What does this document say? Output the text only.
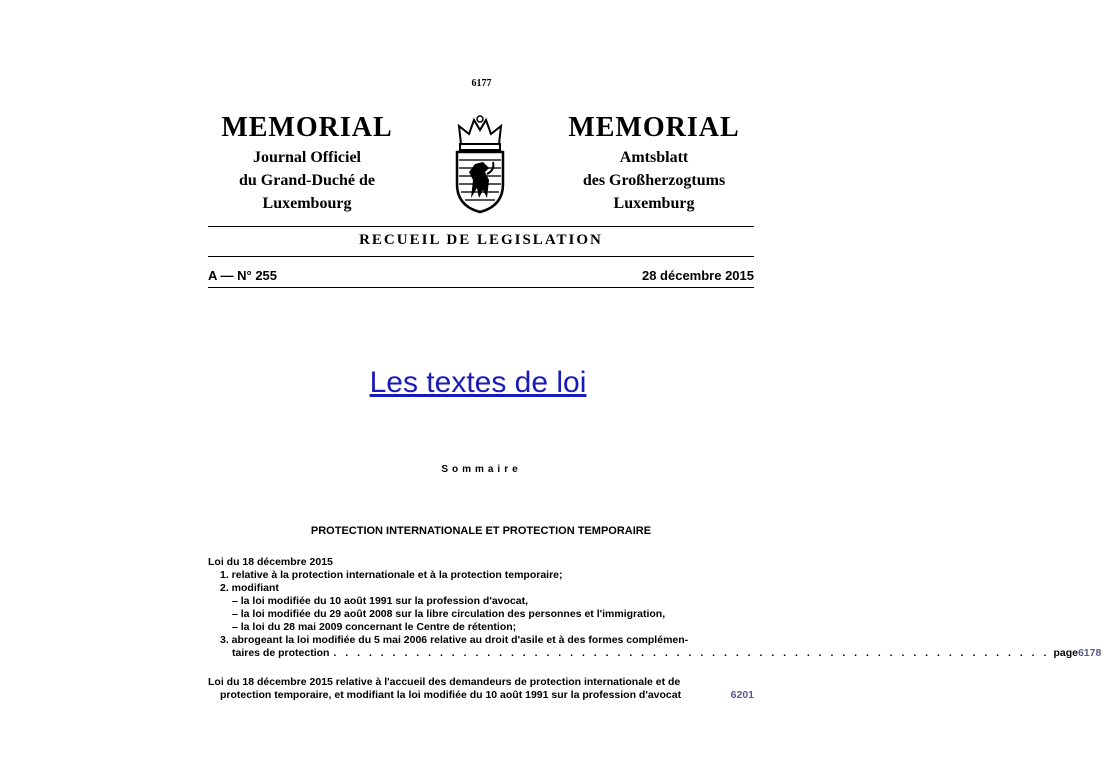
6177
MEMORIAL
Journal Officiel
du Grand-Duché de
Luxembourg
MEMORIAL
Amtsblatt
des Großherzogtums
Luxemburg
RECUEIL DE LEGISLATION
A — N° 255	28 décembre 2015
Les textes de loi
Sommaire
PROTECTION INTERNATIONALE ET PROTECTION TEMPORAIRE
Loi du 18 décembre 2015
1. relative à la protection internationale et à la protection temporaire;
2. modifiant
– la loi modifiée du 10 août 1991 sur la profession d'avocat,
– la loi modifiée du 29 août 2008 sur la libre circulation des personnes et l'immigration,
– la loi du 28 mai 2009 concernant le Centre de rétention;
3. abrogeant la loi modifiée du 5 mai 2006 relative au droit d'asile et à des formes complémen-
taires de protection . . . . . . . . . . . . . . . . . . . . . . . . . . . . . . . . . . . . . . . . . . . . . . . . . . . . . . . . . . . . . page 6178
Loi du 18 décembre 2015 relative à l'accueil des demandeurs de protection internationale et de
protection temporaire, et modifiant la loi modifiée du 10 août 1991 sur la profession d'avocat	6201
